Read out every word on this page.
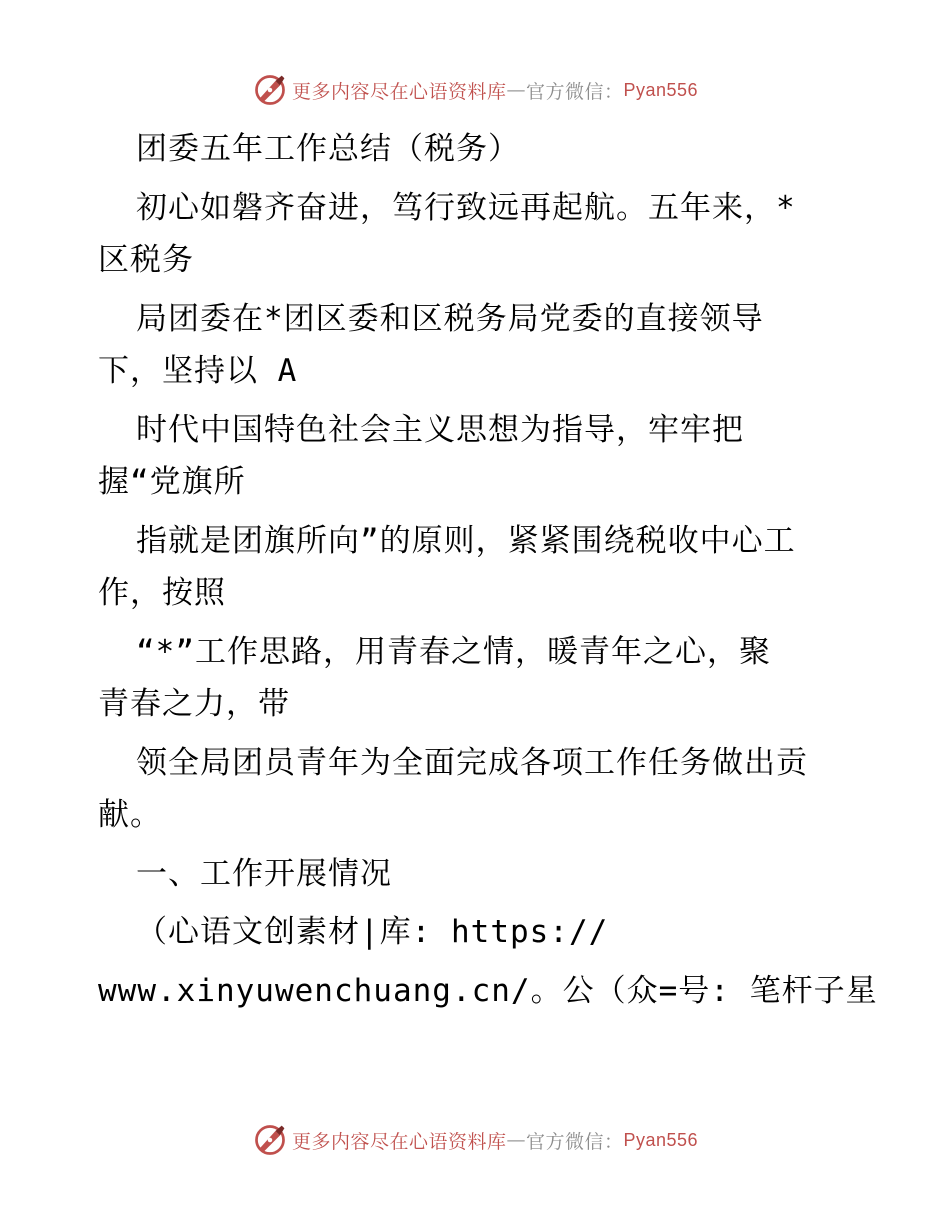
更多内容尽在心语资料库 — 官方微信： Pyan556
团委五年工作总结（税务）
初心如磐齐奋进，笃行致远再起航。五年来，*
区税务
局团委在*团区委和区税务局党委的直接领导
下，坚持以 A
时代中国特色社会主义思想为指导，牢牢把
握“党旗所
指就是团旗所向”的原则，紧紧围绕税收中心工
作，按照
“*”工作思路，用青春之情，暖青年之心，聚
青春之力，带
领全局团员青年为全面完成各项工作任务做出贡
献。
一、工作开展情况
（心语文创素材|库: https://
www.xinyuwenchuang.cn/。公（众=号: 笔杆子星
更多内容尽在心语资料库 — 官方微信： Pyan556
